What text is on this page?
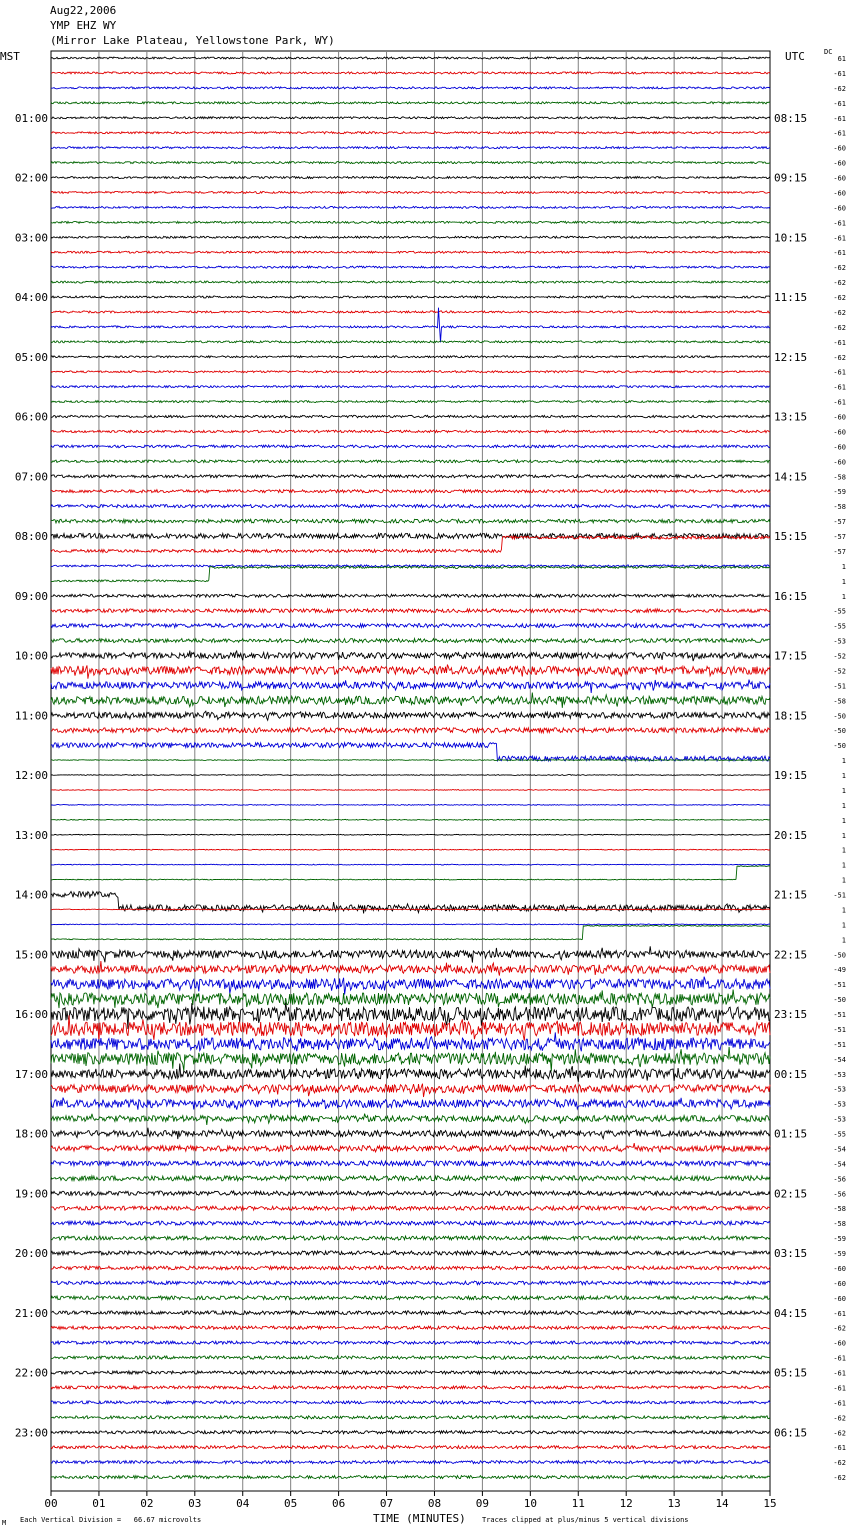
Aug22,2006
YMP EHZ WY
(Mirror Lake Plateau, Yellowstone Park, WY)
MST	UTC	DC
00	01	02	03	04	05	06	07	08	09	10	11	12	13	14	15
61
-61
-62
-61
-61
-61
-60
-60
-60
-60
-60
-61
-61
-61
-62
-62
-62
-62
-62
-61
-62
-61
-61
-61
-60
-60
-60
-60
-58
-59
-58
-57
-57
-57
1
1
1
-55
-55
-53
-52
-52
-51
-58
-50
-50
-50
1
1
1
1
1
1
1
1
1
-51
1
1
1
-50
-49
-51
-50
-51
-51
-51
-54
-53
-53
-53
-53
-55
-54
-54
-56
-56
-58
-58
-59
-59
-60
-60
-60
-61
-62
-60
-61
-61
-61
-61
-62
-62
-61
-62
-62
01:00
02:00
03:00
04:00
05:00
06:00
07:00
08:00
09:00
10:00
11:00
12:00
13:00
14:00
15:00
16:00
17:00
18:00
19:00
20:00
21:00
22:00
23:00
08:15
09:15
10:15
11:15
12:15
13:15
14:15
15:15
16:15
17:15
18:15
19:15
20:15
21:15
22:15
23:15
00:15
01:15
02:15
03:15
04:15
05:15
06:15
M Each Vertical Division =   66.67 microvolts	TIME (MINUTES) Traces clipped at plus/minus 5 vertical divisions
